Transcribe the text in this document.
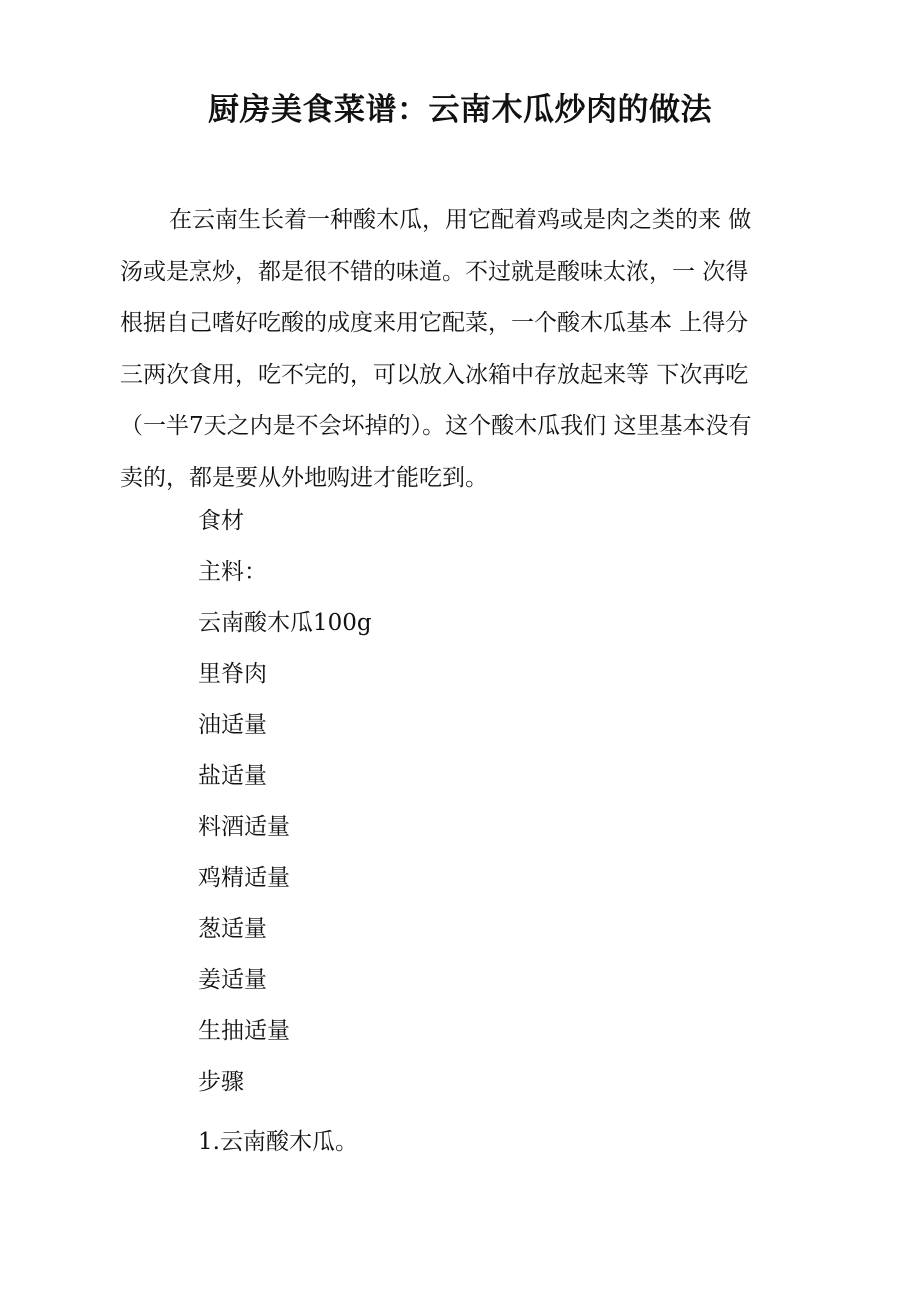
厨房美食菜谱：云南木瓜炒肉的做法

在云南生长着一种酸木瓜，用它配着鸡或是肉之类的来 做
汤或是烹炒，都是很不错的味道。不过就是酸味太浓，一 次得
根据自己嗜好吃酸的成度来用它配菜，一个酸木瓜基本 上得分
三两次食用，吃不完的，可以放入冰箱中存放起来等 下次再吃
（一半7天之内是不会坏掉的）。这个酸木瓜我们 这里基本没有
卖的，都是要从外地购进才能吃到。

食材
主料：
云南酸木瓜100g
里脊肉
油适量
盐适量
料酒适量
鸡精适量
葱适量
姜适量
生抽适量
步骤
1.云南酸木瓜。
